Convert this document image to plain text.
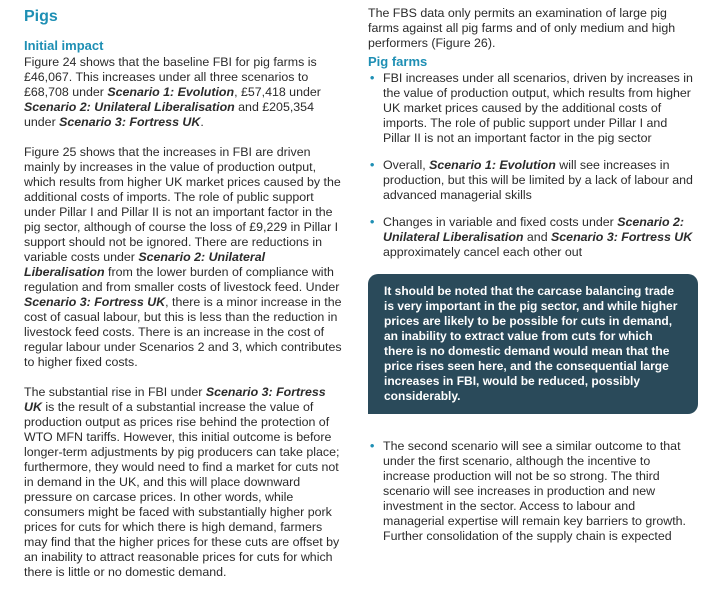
Pigs
Initial impact

Figure 24 shows that the baseline FBI for pig farms is £46,067. This increases under all three scenarios to £68,708 under Scenario 1: Evolution, £57,418 under Scenario 2: Unilateral Liberalisation and £205,354 under Scenario 3: Fortress UK.

Figure 25 shows that the increases in FBI are driven mainly by increases in the value of production output, which results from higher UK market prices caused by the additional costs of imports. The role of public support under Pillar I and Pillar II is not an important factor in the pig sector, although of course the loss of £9,229 in Pillar I support should not be ignored. There are reductions in variable costs under Scenario 2: Unilateral Liberalisation from the lower burden of compliance with regulation and from smaller costs of livestock feed. Under Scenario 3: Fortress UK, there is a minor increase in the cost of casual labour, but this is less than the reduction in livestock feed costs. There is an increase in the cost of regular labour under Scenarios 2 and 3, which contributes to higher fixed costs.

The substantial rise in FBI under Scenario 3: Fortress UK is the result of a substantial increase the value of production output as prices rise behind the protection of WTO MFN tariffs. However, this initial outcome is before longer-term adjustments by pig producers can take place; furthermore, they would need to find a market for cuts not in demand in the UK, and this will place downward pressure on carcase prices. In other words, while consumers might be faced with substantially higher pork prices for cuts for which there is high demand, farmers may find that the higher prices for these cuts are offset by an inability to attract reasonable prices for cuts for which there is little or no domestic demand.

The FBS data only permits an examination of large pig farms against all pig farms and of only medium and high performers (Figure 26).

Pig farms
• FBI increases under all scenarios, driven by increases in the value of production output, which results from higher UK market prices caused by the additional costs of imports. The role of public support under Pillar I and Pillar II is not an important factor in the pig sector
• Overall, Scenario 1: Evolution will see increases in production, but this will be limited by a lack of labour and advanced managerial skills
• Changes in variable and fixed costs under Scenario 2: Unilateral Liberalisation and Scenario 3: Fortress UK approximately cancel each other out
It should be noted that the carcase balancing trade is very important in the pig sector, and while higher prices are likely to be possible for cuts in demand, an inability to extract value from cuts for which there is no domestic demand would mean that the price rises seen here, and the consequential large increases in FBI, would be reduced, possibly considerably.
• The second scenario will see a similar outcome to that under the first scenario, although the incentive to increase production will not be so strong. The third scenario will see increases in production and new investment in the sector. Access to labour and managerial expertise will remain key barriers to growth. Further consolidation of the supply chain is expected
